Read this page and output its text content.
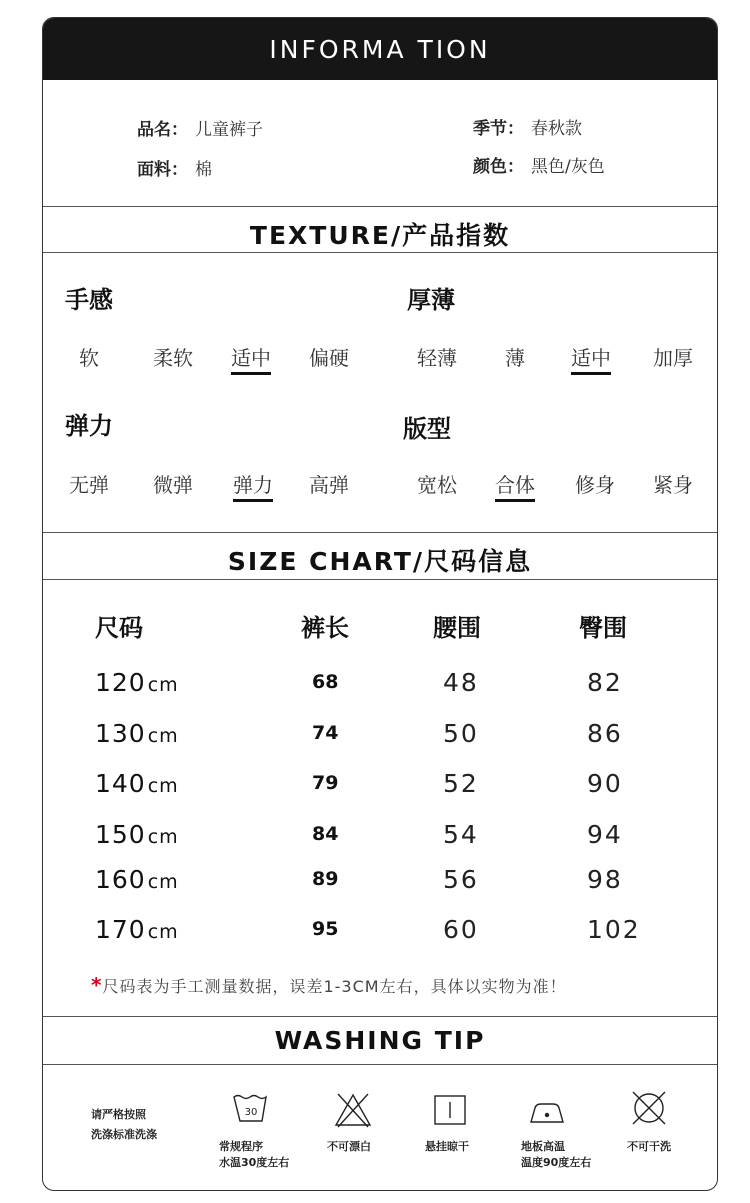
INFORMA TION
品名： 儿童裤子	季节： 春秋款
面料： 棉	颜色： 黑色/灰色
TEXTURE/产品指数
手感	厚薄
软	柔软 适中 偏硬	轻薄 薄 适中 加厚
弹力	版型
无弹 微弹 弹力 高弹	宽松 合体 修身 紧身
SIZE CHART/尺码信息
尺码	裤长	腰围	臀围
120 cm	68	48	82
130 cm	74	50	86
140 cm	79	52	90
150 cm	84	54	94
160 cm	89	56	98
170 cm	95	60	102
*尺码表为手工测量数据，误差1-3CM左右，具体以实物为准！
WASHING TIP
请严格按照
洗涤标准洗涤
30
常规程序
水温30度左右
不可漂白	悬挂晾干	地板高温
温度90度左右
不可干洗
